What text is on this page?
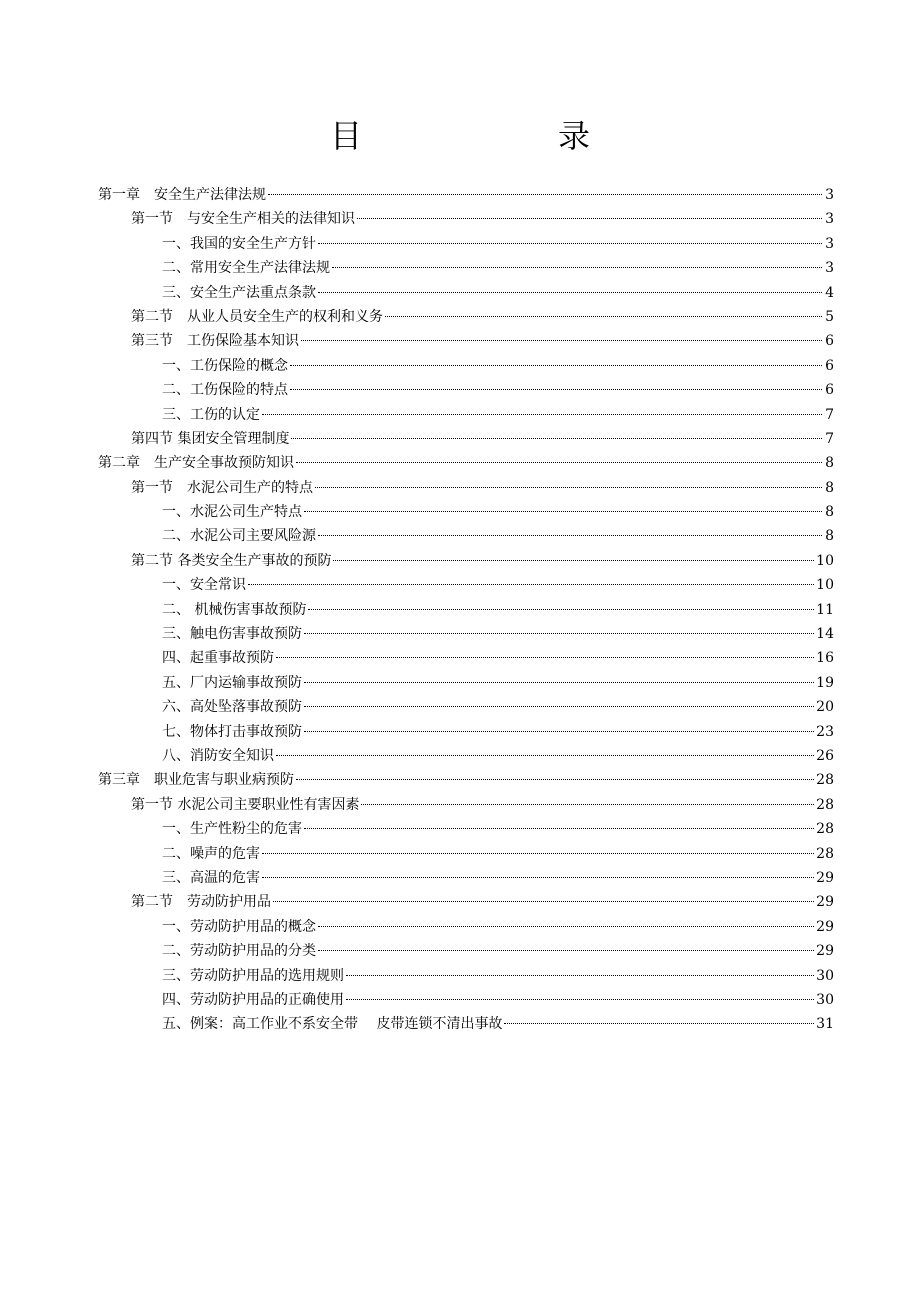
目　　录
第一章　安全生产法律法规	3
第一节　与安全生产相关的法律知识	3
一、我国的安全生产方针	3
二、常用安全生产法律法规	3
三、安全生产法重点条款	4
第二节　从业人员安全生产的权利和义务	5
第三节　工伤保险基本知识	6
一、工伤保险的概念	6
二、工伤保险的特点	6
三、工伤的认定	7
第四节 集团安全管理制度	7
第二章　生产安全事故预防知识	8
第一节　水泥公司生产的特点	8
一、水泥公司生产特点	8
二、水泥公司主要风险源	8
第二节 各类安全生产事故的预防	10
一、安全常识	10
二、 机械伤害事故预防	11
三、触电伤害事故预防	14
四、起重事故预防	16
五、厂内运输事故预防	19
六、高处坠落事故预防	20
七、物体打击事故预防	23
八、消防安全知识	26
第三章　职业危害与职业病预防	28
第一节 水泥公司主要职业性有害因素	28
一、生产性粉尘的危害	28
二、噪声的危害	28
三、高温的危害	29
第二节　劳动防护用品	29
一、劳动防护用品的概念	29
二、劳动防护用品的分类	29
三、劳动防护用品的选用规则	30
四、劳动防护用品的正确使用	30
五、例案：高工作业不系安全带　 皮带连锁不清出事故	31
